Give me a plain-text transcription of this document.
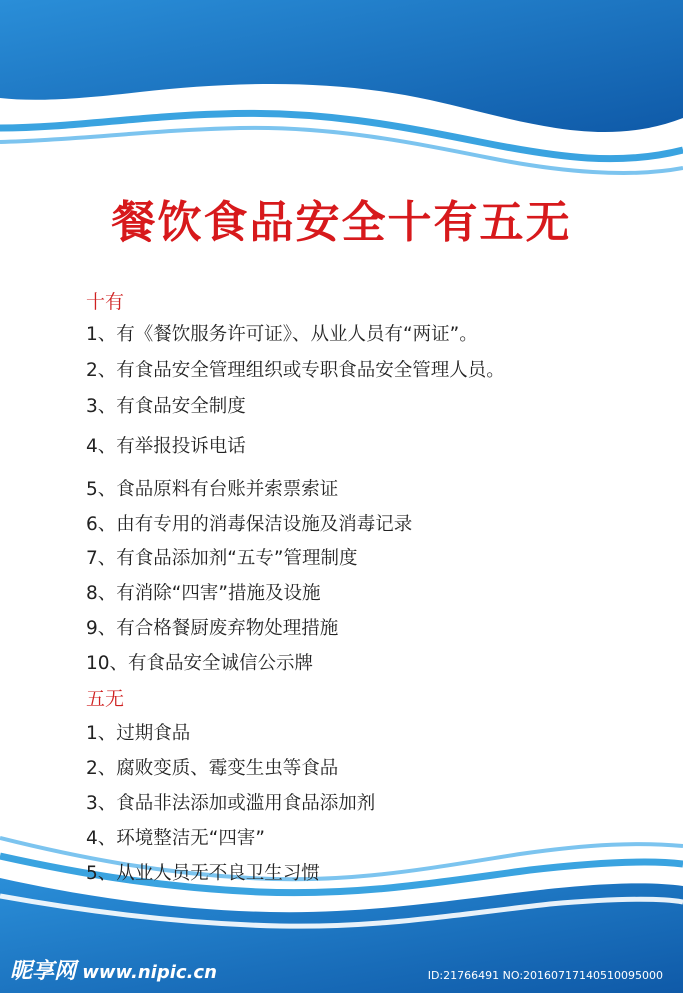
餐饮食品安全十有五无
十有
1、有《餐饮服务许可证》、从业人员有“两证”。
2、有食品安全管理组织或专职食品安全管理人员。
3、有食品安全制度
4、有举报投诉电话
5、食品原料有台账并索票索证
6、由有专用的消毒保洁设施及消毒记录
7、有食品添加剂“五专”管理制度
8、有消除“四害”措施及设施
9、有合格餐厨废弃物处理措施
10、有食品安全诚信公示牌
五无
1、过期食品
2、腐败变质、霉变生虫等食品
3、食品非法添加或滥用食品添加剂
4、环境整洁无“四害”
5、从业人员无不良卫生习惯
昵享网 www.nipic.cn	ID:21766491 NO:20160717140510095000
